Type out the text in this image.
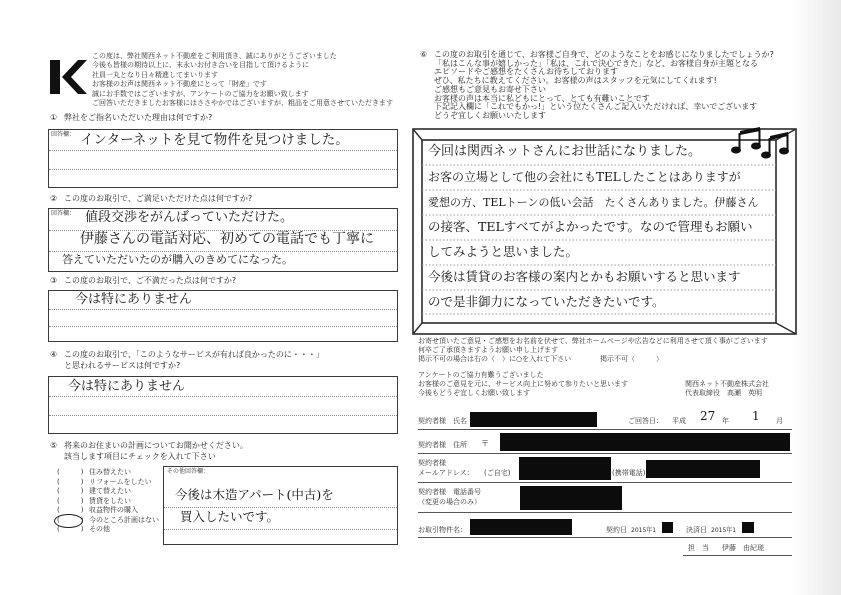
この度は、弊社関西ネット不動産をご利用頂き、誠にありがとうございました
今後も皆様の期待以上に、末永いお付き合いを目指して頂けるように
社員一丸となり日々精進してまいります
お客様のお声は関西ネット不動産にとって「財産」です
誠にお手数ではございますが、アンケートのご協力をお願い致します
ご回答いただきましたお客様にはささやかではございますが、粗品をご用意させていただきます
① 弊社をご指名いただいた理由は何ですか?
回答欄： インターネットを見て物件を見つけました。
② この度のお取引で、ご満足いただけた点は何ですか?
回答欄： 値段交渉をがんばっていただけた。
伊藤さんの電話対応、初めての電話でも丁寧に
答えていただいたのが購入のきめてになった。
③ この度のお取引で、ご不満だった点は何ですか?
今は特にありません
④ この度のお取引で、「このようなサービスが有れば良かったのに・・・」
と思われるサービスは何ですか?
今は特にありません
⑤ 将来のお住まいの計画についてお聞かせください。
該当します項目にチェックを入れて下さい
(　　　) 住み替えたい
(　　　) リフォームをしたい
(　　　) 建て替えたい
(　　　) 賃貸をしたい
(　　　) 収益物件の購入
(　　　) 今のところ計画はない
(　　　) その他
その他回答欄：
今後は木造アパート(中古)を
買入したいです。
⑥ この度のお取引を通じて、お客様ご自身で、どのようなことをお感じになりましたでしょうか?
「私はこんな事が嬉しかった」「私は、これで決心できた」など、お客様自身が主題となる
エピソードやご感想をたくさんお待ちしております
ぜひ、私たちに教えてください。お客様の声はスタッフを元気にしてくれます!
ご感想もご意見もお寄せ下さい
お客様の声は本当に私どもにとって、とても有難いことです
下記記入欄に「これでもかっ!」という位たくさんご記入いただければ、幸いでございます
どうぞ宜しくお願いいたします
今回は関西ネットさんにお世話になりました。
お客の立場として他の会社にもTELしたことはありますが
愛想の方、TELトーンの低い会話　たくさんありました。伊藤さん
の接客、TELすべてがよかったです。なので管理もお願い
してみようと思いました。
今後は賃貸のお客様の案内とかもお願いすると思います
ので是非御力になっていただきたいです。
お寄せ頂いたご意見・ご感想をお名前を伏せて、弊社ホームページや広告などに利用させて頂く事がございます
何卒ご了承頂きますようお願い申し上げます
掲示不可の場合は右の（　）に○を入れて下さい	掲示不可（　　　）
アンケートのご協力有難うございました
お客様のご意見を元に、サービス向上に努めて参りたいと思います
今後もどうぞ宜しくお願い致します
関西ネット不動産株式会社
代表取締役　高瀬　英明
契約者様　氏名	ご回答日： 平成 27 年 1 月
契約者様　住所 〒
契約者様
メールアドレス： (ご自宅)	(携帯電話)
契約者様　電話番号
（変更の場合のみ）
お取引物件名：	契約日 2015年1	決済日 2015年1
担　当 伊藤　由紀瑳
